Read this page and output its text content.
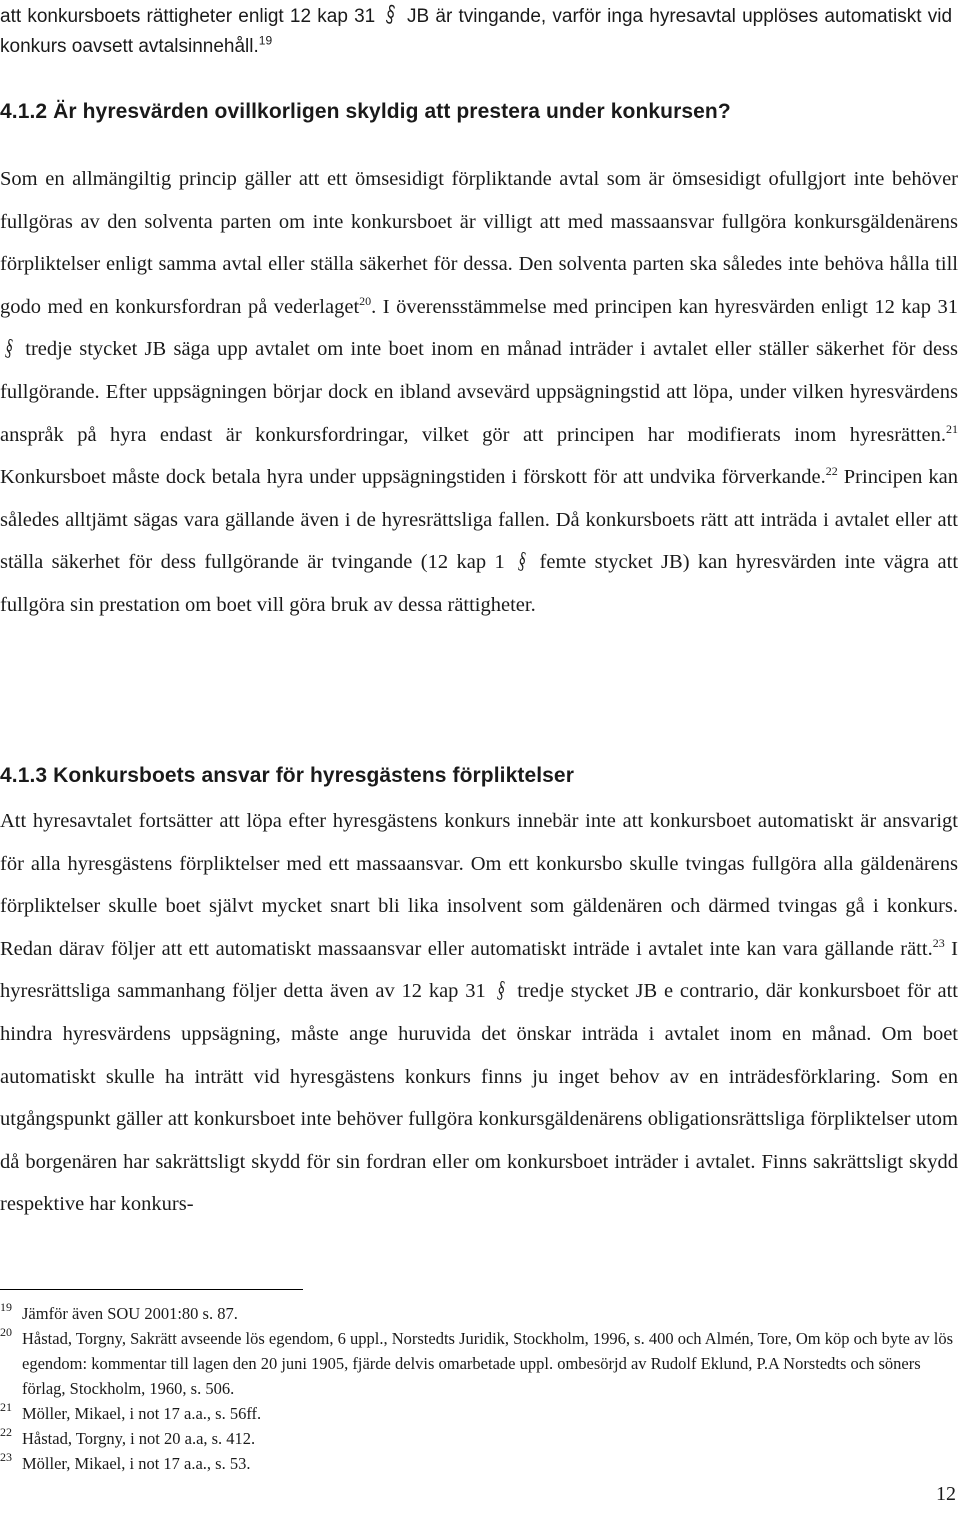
att konkursboets rättigheter enligt 12 kap 31 § JB är tvingande, varför inga hyresavtal upplöses automatiskt vid konkurs oavsett avtalsinnehåll.$^{19}$

4.1.2 Är hyresvärden ovillkorligen skyldig att prestera under konkursen?

Som en allmängiltig princip gäller att ett ömsesidigt förpliktande avtal som är ömsesidigt ofullgjort inte behöver fullgöras av den solventa parten om inte konkursboet är villigt att med massaansvar fullgöra konkursgäldenärens förpliktelser enligt samma avtal eller ställa säkerhet för dessa. Den solventa parten ska således inte behöva hålla till godo med en konkursfordran på vederlaget$^{20}$. I överensstämmelse med principen kan hyresvärden enligt 12 kap 31 § tredje stycket JB säga upp avtalet om inte boet inom en månad inträder i avtalet eller ställer säkerhet för dess fullgörande. Efter uppsägningen börjar dock en ibland avsevärd uppsägningstid att löpa, under vilken hyresvärdens anspråk på hyra endast är konkursfordringar, vilket gör att principen har modifierats inom hyresrätten.$^{21}$ Konkursboet måste dock betala hyra under uppsägningstiden i förskott för att undvika förverkande.$^{22}$ Principen kan således alltjämt sägas vara gällande även i de hyresrättsliga fallen. Då konkursboets rätt att inträda i avtalet eller att ställa säkerhet för dess fullgörande är tvingande (12 kap 1 § femte stycket JB) kan hyresvärden inte vägra att fullgöra sin prestation om boet vill göra bruk av dessa rättigheter.

4.1.3 Konkursboets ansvar för hyresgästens förpliktelser

Att hyresavtalet fortsätter att löpa efter hyresgästens konkurs innebär inte att konkursboet automatiskt är ansvarigt för alla hyresgästens förpliktelser med ett massaansvar. Om ett konkursbo skulle tvingas fullgöra alla gäldenärens förpliktelser skulle boet självt mycket snart bli lika insolvent som gäldenären och därmed tvingas gå i konkurs. Redan därav följer att ett automatiskt massaansvar eller automatiskt inträde i avtalet inte kan vara gällande rätt.$^{23}$ I hyresrättsliga sammanhang följer detta även av 12 kap 31 § tredje stycket JB e contrario, där konkursboet för att hindra hyresvärdens uppsägning, måste ange huruvida det önskar inträda i avtalet inom en månad. Om boet automatiskt skulle ha inträtt vid hyresgästens konkurs finns ju inget behov av en inträdesförklaring. Som en utgångspunkt gäller att konkursboet inte behöver fullgöra konkursgäldenärens obligationsrättsliga förpliktelser utom då borgenären har sakrättsligt skydd för sin fordran eller om konkursboet inträder i avtalet. Finns sakrättsligt skydd respektive har konkurs-

19 Jämför även SOU 2001:80 s. 87.
20 Håstad, Torgny, Sakrätt avseende lös egendom, 6 uppl., Norstedts Juridik, Stockholm, 1996, s. 400 och Almén, Tore, Om köp och byte av lös egendom: kommentar till lagen den 20 juni 1905, fjärde delvis omarbetade uppl. ombesörjd av Rudolf Eklund, P.A Norstedts och söners förlag, Stockholm, 1960, s. 506.
21 Möller, Mikael, i not 17 a.a., s. 56ff.
22 Håstad, Torgny, i not 20 a.a, s. 412.
23 Möller, Mikael, i not 17 a.a., s. 53.
12
